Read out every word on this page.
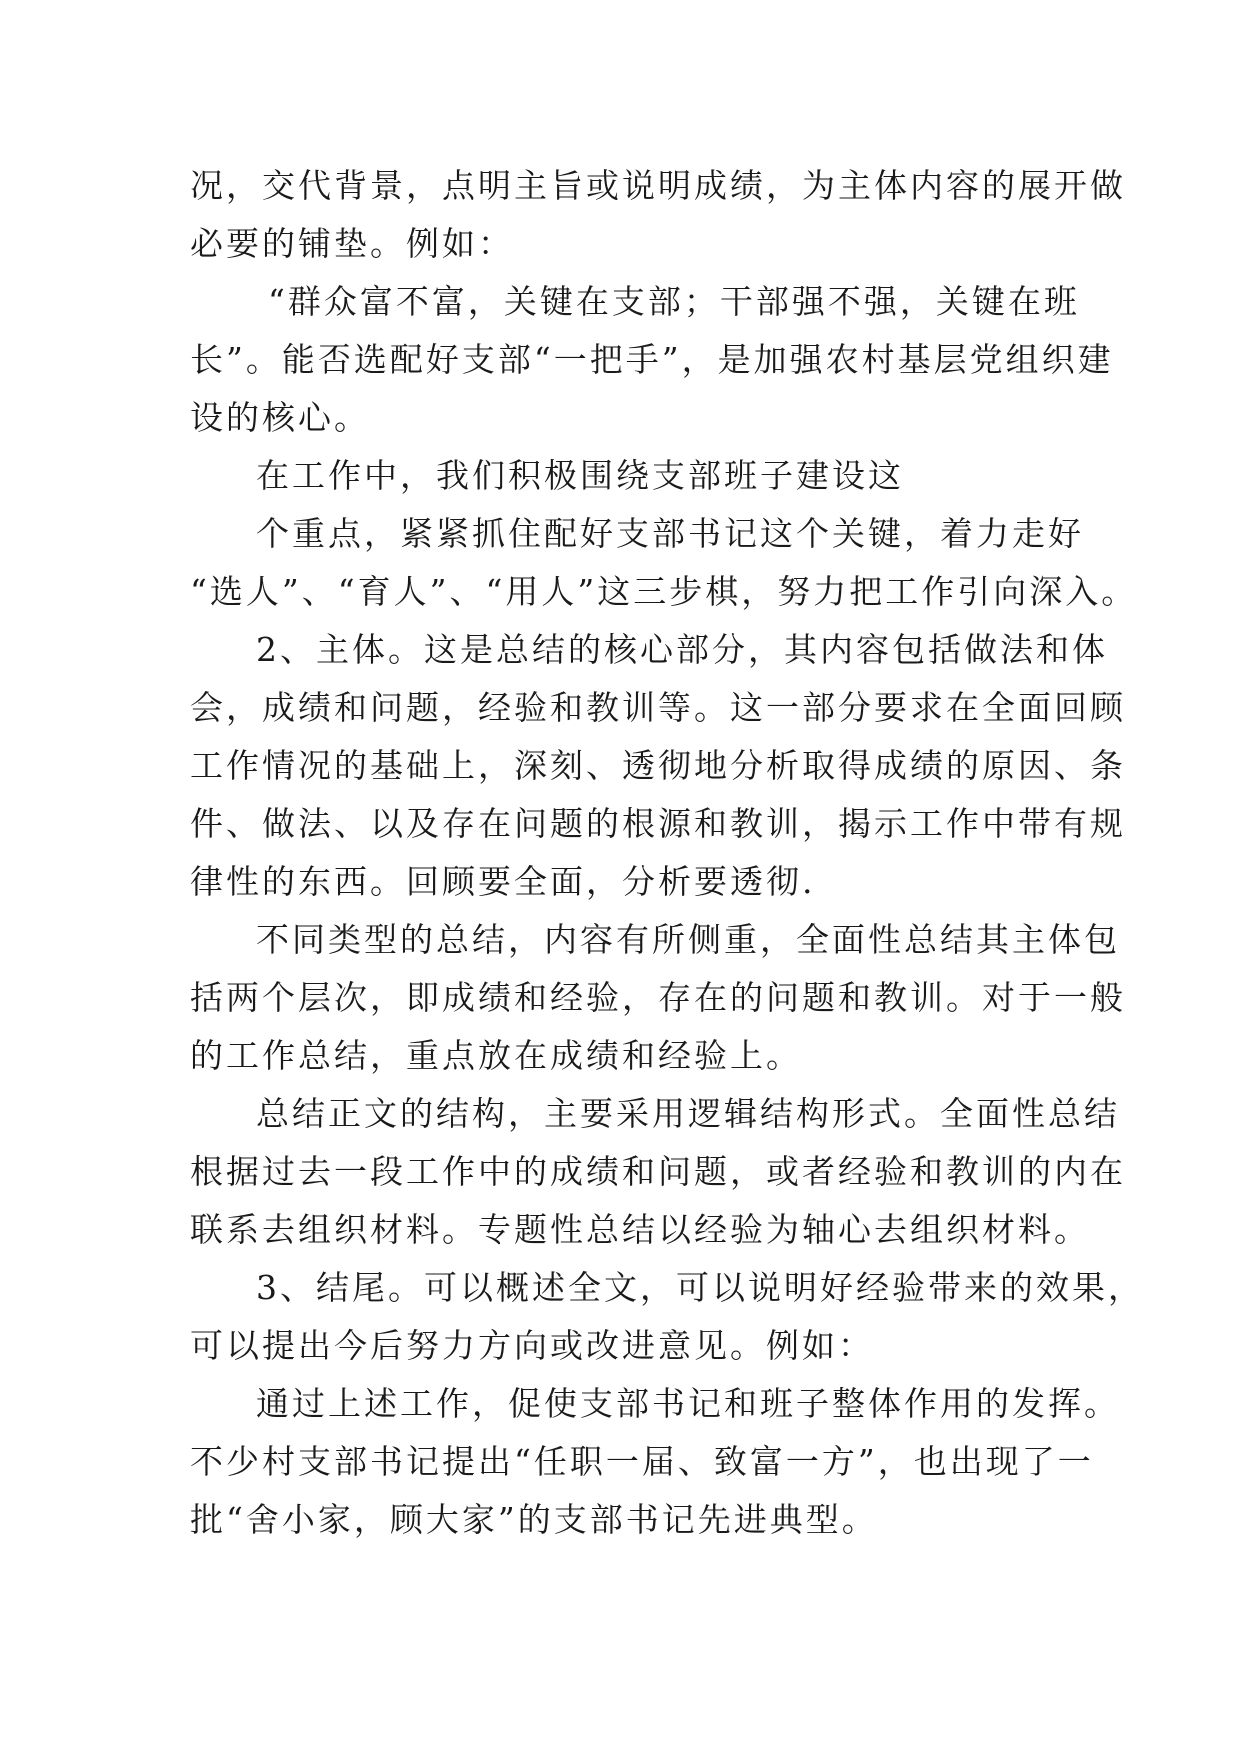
况，交代背景，点明主旨或说明成绩，为主体内容的展开做
必要的铺垫。例如：
“群众富不富，关键在支部；干部强不强，关键在班
长”。能否选配好支部“一把手”，是加强农村基层党组织建
设的核心。
在工作中，我们积极围绕支部班子建设这
个重点，紧紧抓住配好支部书记这个关键，着力走好
“选人”、“育人”、“用人”这三步棋，努力把工作引向深入。
2、主体。这是总结的核心部分，其内容包括做法和体
会，成绩和问题，经验和教训等。这一部分要求在全面回顾
工作情况的基础上，深刻、透彻地分析取得成绩的原因、条
件、做法、以及存在问题的根源和教训，揭示工作中带有规
律性的东西。回顾要全面，分析要透彻.
不同类型的总结，内容有所侧重，全面性总结其主体包
括两个层次，即成绩和经验，存在的问题和教训。对于一般
的工作总结，重点放在成绩和经验上。
总结正文的结构，主要采用逻辑结构形式。全面性总结
根据过去一段工作中的成绩和问题，或者经验和教训的内在
联系去组织材料。专题性总结以经验为轴心去组织材料。
3、结尾。可以概述全文，可以说明好经验带来的效果，
可以提出今后努力方向或改进意见。例如：
通过上述工作，促使支部书记和班子整体作用的发挥。
不少村支部书记提出“任职一届、致富一方”，也出现了一
批“舍小家，顾大家”的支部书记先进典型。
